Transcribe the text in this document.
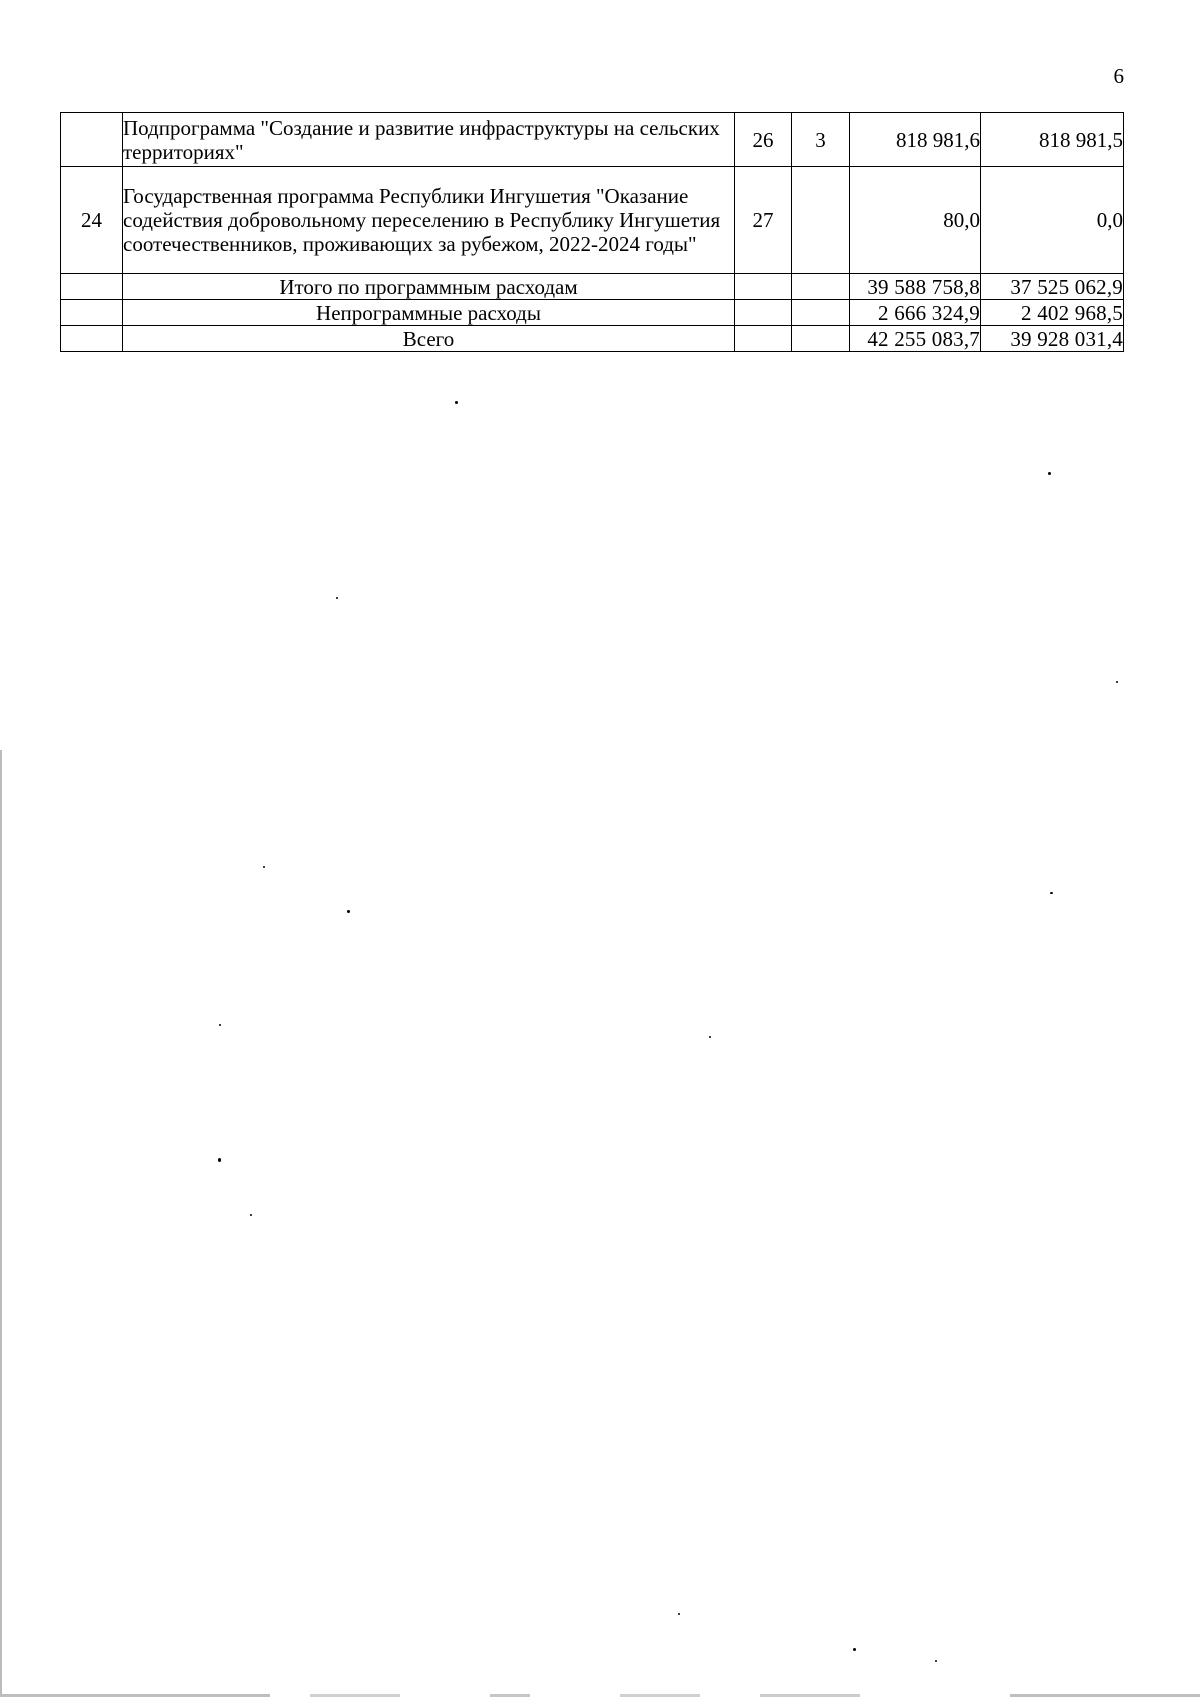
6
	Подпрограмма "Создание и развитие инфраструктуры на сельских территориях"	26	3	818 981,6	818 981,5
24	Государственная программа Республики Ингушетия "Оказание содействия добровольному переселению в Республику Ингушетия соотечественников, проживающих за рубежом, 2022-2024 годы"	27		80,0	0,0
	Итого по программным расходам			39 588 758,8	37 525 062,9
	Непрограммные расходы			2 666 324,9	2 402 968,5
	Всего			42 255 083,7	39 928 031,4
